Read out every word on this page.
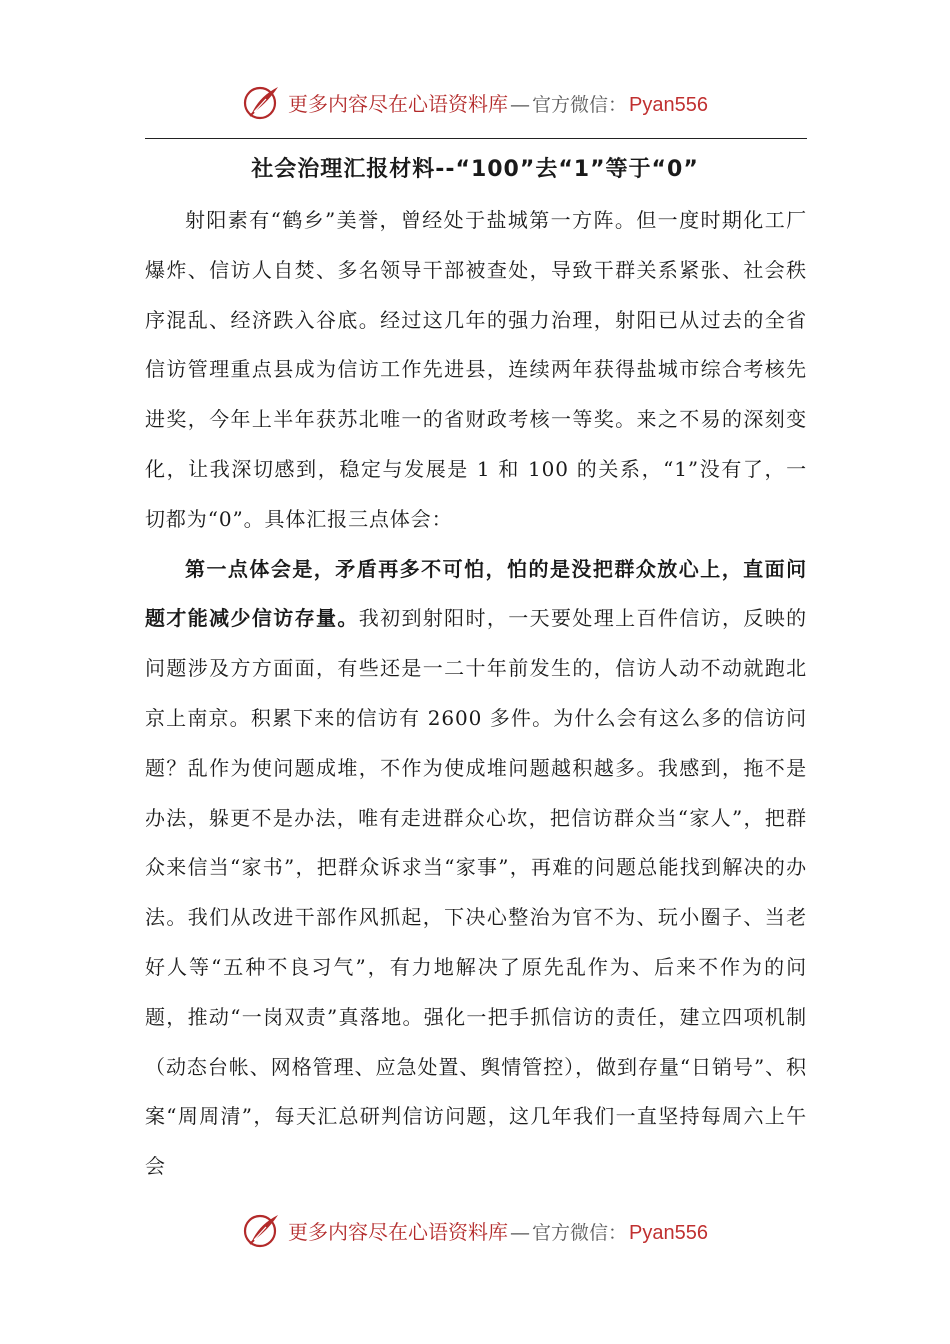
更多内容尽在心语资料库 — 官方微信： Pyan556
社会治理汇报材料--“100”去“1”等于“0”

射阳素有“鹤乡”美誉，曾经处于盐城第一方阵。但一度时期化工厂爆炸、信访人自焚、多名领导干部被查处，导致干群关系紧张、社会秩序混乱、经济跌入谷底。经过这几年的强力治理，射阳已从过去的全省信访管理重点县成为信访工作先进县，连续两年获得盐城市综合考核先进奖，今年上半年获苏北唯一的省财政考核一等奖。来之不易的深刻变化，让我深切感到，稳定与发展是 1 和 100 的关系，“1”没有了，一切都为“0”。具体汇报三点体会：

第一点体会是，矛盾再多不可怕，怕的是没把群众放心上，直面问题才能减少信访存量。我初到射阳时，一天要处理上百件信访，反映的问题涉及方方面面，有些还是一二十年前发生的，信访人动不动就跑北京上南京。积累下来的信访有 2600 多件。为什么会有这么多的信访问题？乱作为使问题成堆，不作为使成堆问题越积越多。我感到，拖不是办法，躲更不是办法，唯有走进群众心坎，把信访群众当“家人”，把群众来信当“家书”，把群众诉求当“家事”，再难的问题总能找到解决的办法。我们从改进干部作风抓起，下决心整治为官不为、玩小圈子、当老好人等“五种不良习气”，有力地解决了原先乱作为、后来不作为的问题，推动“一岗双责”真落地。强化一把手抓信访的责任，建立四项机制（动态台帐、网格管理、应急处置、舆情管控），做到存量“日销号”、积案“周周清”，每天汇总研判信访问题，这几年我们一直坚持每周六上午会

更多内容尽在心语资料库 — 官方微信： Pyan556
